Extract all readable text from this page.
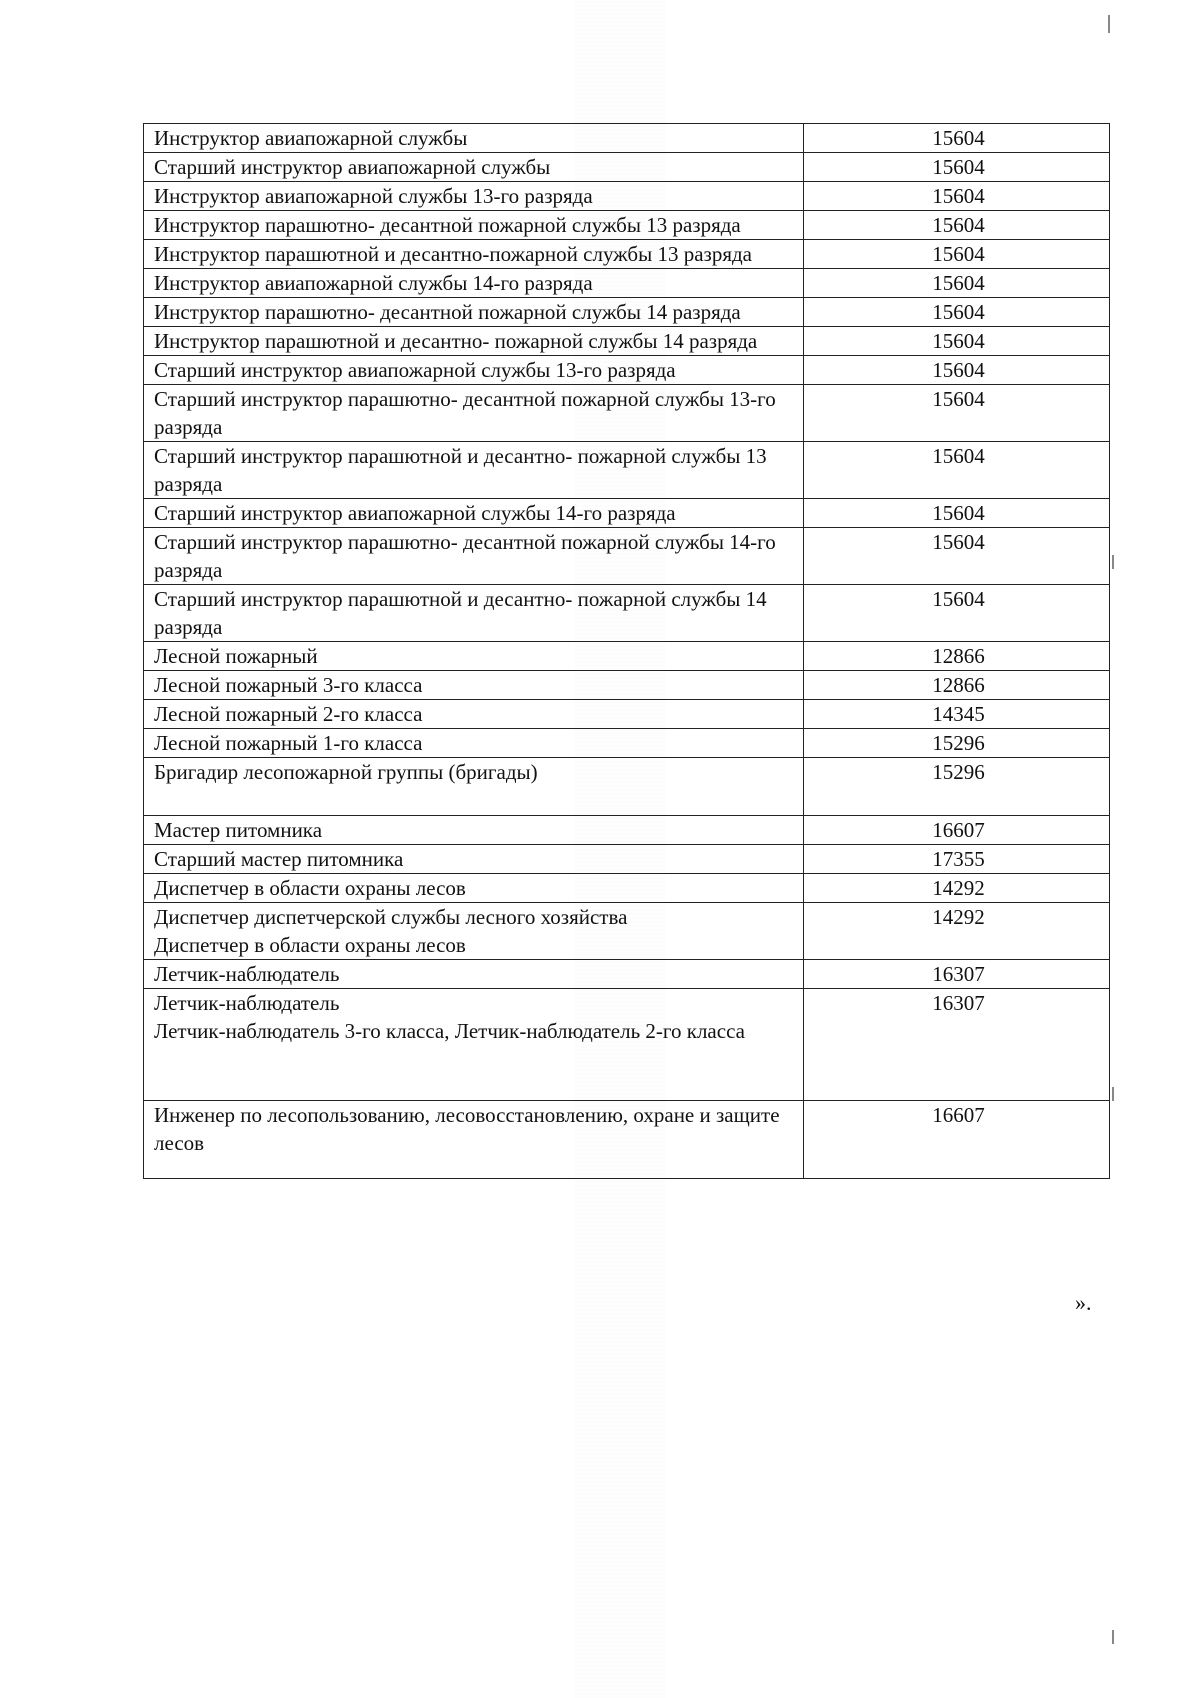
Инструктор авиапожарной службы	15604
Старший инструктор авиапожарной службы	15604
Инструктор авиапожарной службы 13-го разряда	15604
Инструктор парашютно- десантной пожарной службы 13 разряда	15604
Инструктор парашютной и десантно-пожарной службы 13 разряда	15604
Инструктор авиапожарной службы 14-го разряда	15604
Инструктор парашютно- десантной пожарной службы 14 разряда	15604
Инструктор парашютной и десантно- пожарной службы 14 разряда	15604
Старший инструктор авиапожарной службы 13-го разряда	15604
Старший инструктор парашютно- десантной пожарной службы 13-го разряда	15604
Старший инструктор парашютной и десантно- пожарной службы 13 разряда	15604
Старший инструктор авиапожарной службы 14-го разряда	15604
Старший инструктор парашютно- десантной пожарной службы 14-го разряда	15604
Старший инструктор парашютной и десантно- пожарной службы 14 разряда	15604
Лесной пожарный	12866
Лесной пожарный 3-го класса	12866
Лесной пожарный 2-го класса	14345
Лесной пожарный 1-го класса	15296
Бригадир лесопожарной группы (бригады)	15296
Мастер питомника	16607
Старший мастер питомника	17355
Диспетчер в области охраны лесов	14292

Диспетчер диспетчерской службы лесного хозяйства
Диспетчер в области охраны лесов	14292
Летчик-наблюдатель	16307

Летчик-наблюдатель
Летчик-наблюдатель 3-го класса, Летчик-наблюдатель 2-го класса	16307
Инженер по лесопользованию, лесовосстановлению, охране и защите лесов	16607
».
